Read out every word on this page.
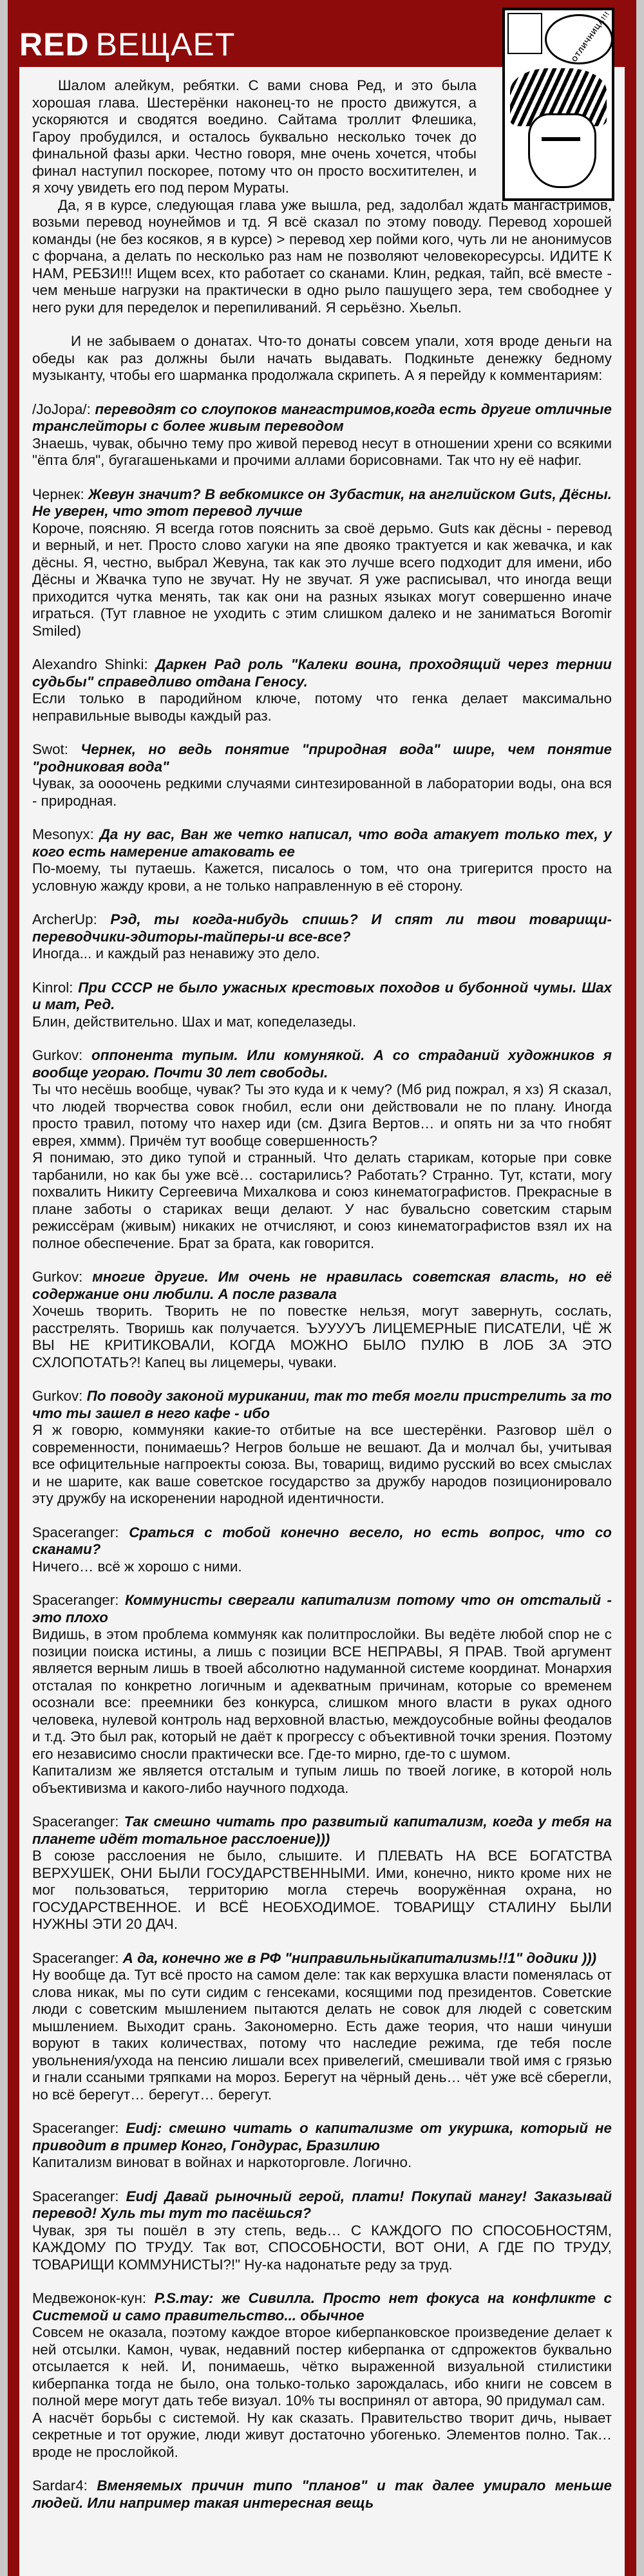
RED ВЕЩАЕТ	ОТЛИЧНИЦА!!!

Шалом алейкум, ребятки. С вами снова Ред, и это была хорошая глава. Шестерёнки наконец-то не просто движутся, а ускоряются и сводятся воедино. Сайтама троллит Флешика, Гарoу пробудился, и осталось буквально несколько точек до финальной фазы арки. Честно говоря, мне очень хочется, чтобы финал наступил поскорее, потому что он просто восхитителен, и я хочу увидеть его под пером Мураты.

Да, я в курсе, следующая глава уже вышла, ред, задолбал ждать мангастримов, возьми перевод ноунеймов и тд. Я всё сказал по этому поводу. Перевод хорошей команды (не без косяков, я в курсе) > перевод хер пойми кого, чуть ли не анонимусов с форчана, а делать по несколько раз нам не позволяют человекоресурсы. ИДИТЕ К НАМ, РЕБЗИ!!! Ищем всех, кто работает со сканами. Клин, редкая, тайп, всё вместе - чем меньше нагрузки на практически в одно рыло пашущего зера, тем свободнее у него руки для переделок и перепиливаний. Я серьёзно. Хьельп.

И не забываем о донатах. Что-то донаты совсем упали, хотя вроде деньги на обеды как раз должны были начать выдавать. Подкиньте денежку бедному музыканту, чтобы его шарманка продолжала скрипеть. А я перейду к комментариям:

/JoJopa/: переводят со слоупоков мангастримов,когда есть другие отличные транслейторы с более живым переводом
Знаешь, чувак, обычно тему про живой перевод несут в отношении хрени со всякими "ёпта бля", бугагашеньками и прочими аллами борисовнами. Так что ну её нафиг.
Чернек: Жевун значит? В вебкомиксе он Зубастик, на английском Guts, Дёсны. Не уверен, что этот перевод лучше
Короче, поясняю. Я всегда готов пояснить за своё дерьмо. Guts как дёсны - перевод и верный, и нет. Просто слово хагуки на япе двояко трактуется и как жевачка, и как дёсны. Я, честно, выбрал Жевуна, так как это лучше всего подходит для имени, ибо Дёсны и Жвачка тупо не звучат. Ну не звучат. Я уже расписывал, что иногда вещи приходится чутка менять, так как они на разных языках могут совершенно иначе играться. (Тут главное не уходить с этим слишком далеко и не заниматься Boromir Smiled)
Alexandro Shinki: Даркен Рад роль "Калеки воина, проходящий через тернии судьбы" справедливо отдана Геносу.
Если только в пародийном ключе, потому что генка делает максимально неправильные выводы каждый раз.
Swot: Чернек, но ведь понятие "природная вода" шире, чем понятие "родниковая вода"
Чувак, за оооочень редкими случаями синтезированной в лаборатории воды, она вся - природная.
Mesonyx: Да ну вас, Ван же четко написал, что вода атакует только тех, у кого есть намерение атаковать ее
По-моему, ты путаешь. Кажется, писалось о том, что она тригерится просто на условную жажду крови, а не только направленную в её сторону.
ArcherUp: Рэд, ты когда-нибудь спишь? И спят ли твои товарищи-переводчики-эдиторы-тайперы-и все-все?
Иногда... и каждый раз ненавижу это дело.
Kinrol: При СССР не было ужасных крестовых походов и бубонной чумы. Шах и мат, Ред.
Блин, действительно. Шах и мат, копеделазеды.
Gurkov: оппонента тупым. Или комунякой. А со страданий художников я вообще угораю. Почти 30 лет свободы.
Ты что несёшь вообще, чувак? Ты это куда и к чему? (Мб рид пожрал, я хз) Я сказал, что людей творчества совок гнобил, если они действовали не по плану. Иногда просто травил, потому что нахер иди (см. Дзига Вертов… и опять ни за что гнобят еврея, хммм). Причём тут вообще совершенность?
Я понимаю, это дико тупой и странный. Что делать старикам, которые при совке тарбанили, но как бы уже всё… состарились? Работать? Странно. Тут, кстати, могу похвалить Никиту Сергеевича Михалкова и союз кинематографистов. Прекрасные в плане заботы о стариках вещи делают. У нас бувальсно советским старым режиссёрам (живым) никаких не отчисляют, и союз кинематографистов взял их на полное обеспечение. Брат за брата, как говорится.
Gurkov: многие другие. Им очень не нравилась советская власть, но её содержание они любили. А после развала
Хочешь творить. Творить не по повестке нельзя, могут завернуть, сослать, расстрелять. Творишь как получается. ЪУУУУЪ ЛИЦЕМЕРНЫЕ ПИСАТЕЛИ, ЧЁ Ж ВЫ НЕ КРИТИКОВАЛИ, КОГДА МОЖНО БЫЛО ПУЛЮ В ЛОБ ЗА ЭТО СХЛОПОТАТЬ?! Капец вы лицемеры, чуваки.
Gurkov: По поводу законой мурикании, так то тебя могли пристрелить за то что ты зашел в него кафе - ибо
Я ж говорю, коммуняки какие-то отбитые на все шестерёнки. Разговор шёл о современности, понимаешь? Негров больше не вешают. Да и молчал бы, учитывая все офицительные нагпроекты союза. Вы, товарищ, видимо русский во всех смыслах и не шарите, как ваше советское государство за дружбу народов позиционировало эту дружбу на искоренении народной идентичности.
Spaceranger: Сраться с тобой конечно весело, но есть вопрос, что со сканами?
Ничего… всё ж хорошо с ними.
Spaceranger: Коммунисты свергали капитализм потому что он отсталый - это плохо
Видишь, в этом проблема коммуняк как политпрослойки. Вы ведёте любой спор не с позиции поиска истины, а лишь с позиции ВСЕ НЕПРАВЫ, Я ПРАВ. Твой аргумент является верным лишь в твоей абсолютно надуманной системе координат. Монархия отсталая по конкретно логичным и адекватным причинам, которые со временем осознали все: преемники без конкурса, слишком много власти в руках одного человека, нулевой контроль над верховной властью, междоусобные войны феодалов и т.д. Это был рак, который не даёт к прогрессу с объективной точки зрения. Поэтому его независимо сносли практически все. Где-то мирно, где-то с шумом.
Капитализм же является отсталым и тупым лишь по твоей логике, в которой ноль объективизма и какого-либо научного подхода.
Spaceranger: Так смешно читать про развитый капитализм, когда у тебя на планете идёт тотальное расслоение)))
В союзе расслоения не было, слышите. И ПЛЕВАТЬ НА ВСЕ БОГАТСТВА ВЕРХУШЕК, ОНИ БЫЛИ ГОСУДАРСТВЕННЫМИ. Ими, конечно, никто кроме них не мог пользоваться, территорию могла стеречь вооружённая охрана, но ГОСУДАРСТВЕННОЕ. И ВСЁ НЕОБХОДИМОЕ. ТОВАРИЩУ СТАЛИНУ БЫЛИ НУЖНЫ ЭТИ 20 ДАЧ.
Spaceranger: А да, конечно же в РФ "нипрaвильныйкапитализмь!!1" додики )))
Ну вообще да. Тут всё просто на самом деле: так как верхушка власти поменялась от слова никак, мы по сути сидим с генсеками, косящими под президентов. Советские люди с советским мышлением пытаются делать не совок для людей с советским мышлением. Выходит срань. Закономерно. Есть даже теория, что наши чинуши воруют в таких количествах, потому что наследие режима, где тебя после увольнения/ухода на пенсию лишали всех привелегий, смешивали твой имя с грязью и гнали ссаными тряпками на мороз. Берегут на чёрный день… чёт уже всё сберегли, но всё берегут… берегут… берегут.
Spaceranger: Eudj: смешно читать о капитализме от укуршка, который не приводит в пример Конго, Гондурас, Бразилию
Капитализм виноват в войнах и наркоторговле. Логично.
Spaceranger: Eudj Давай рыночный герой, плати! Покупай мангу! Заказывай перевод! Хуль ты тут то пасёшься?
Чувак, зря ты пошёл в эту степь, ведь… С КАЖДОГО ПО СПОСОБНОСТЯМ, КАЖДОМУ ПО ТРУДУ. Так вот, СПОСОБНОСТИ, ВОТ ОНИ, А ГДЕ ПО ТРУДУ, ТОВАРИЩИ КОММУНИСТЫ?!" Ну-ка надонатьте реду за труд.
Медвежонок-кун: P.S.may: же Сивилла. Просто нет фокуса на конфликте с Системой и само правительство... обычное
Совсем не оказала, поэтому каждое второе киберпанковское произведение делает к ней отсылки. Камон, чувак, недавний постер киберпанка от сдпрожектов буквально отсылается к ней. И, понимаешь, чётко выраженной визуальной стилистики киберпанка тогда не было, она только-только зарождалась, ибо книги не совсем в полной мере могут дать тебе визуал. 10% ты воспринял от автора, 90 придумал сам.
А насчёт борьбы с системой. Ну как сказать. Правительство творит дичь, нывает секретные и тот оружие, люди живут достаточно убогенько. Элементов полно. Так… вроде не прослойкой.
Sardar4: Вменяемых причин типо "планов" и так далее умирало меньше людей. Или например такая интересная вещь
